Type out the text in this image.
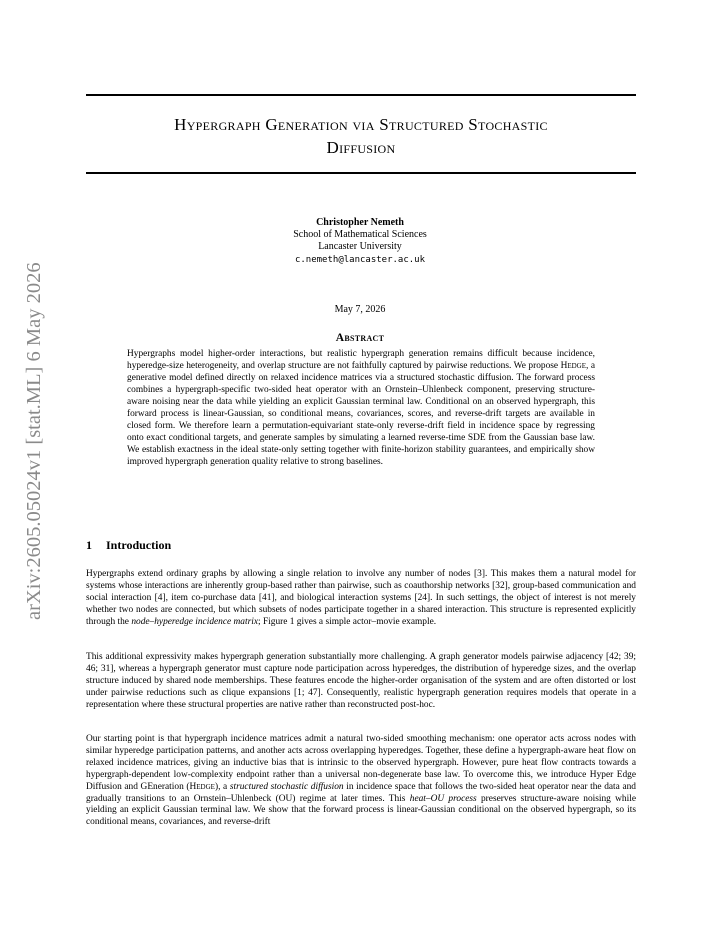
Hypergraph Generation via Structured Stochastic
Diffusion
arXiv:2605.05024v1 [stat.ML] 6 May 2026
Christopher Nemeth
School of Mathematical Sciences
Lancaster University
c.nemeth@lancaster.ac.uk
May 7, 2026
Abstract
Hypergraphs model higher-order interactions, but realistic hypergraph generation remains difficult because incidence, hyperedge-size heterogeneity, and overlap structure are not faithfully captured by pairwise reductions. We propose Hedge, a generative model defined directly on relaxed incidence matrices via a structured stochastic diffusion. The forward process combines a hypergraph-specific two-sided heat operator with an Ornstein–Uhlenbeck component, preserving structure-aware noising near the data while yielding an explicit Gaussian terminal law. Conditional on an observed hypergraph, this forward process is linear-Gaussian, so conditional means, covariances, scores, and reverse-drift targets are available in closed form. We therefore learn a permutation-equivariant state-only reverse-drift field in incidence space by regressing onto exact conditional targets, and generate samples by simulating a learned reverse-time SDE from the Gaussian base law. We establish exactness in the ideal state-only setting together with finite-horizon stability guarantees, and empirically show improved hypergraph generation quality relative to strong baselines.
1 Introduction
Hypergraphs extend ordinary graphs by allowing a single relation to involve any number of nodes [3]. This makes them a natural model for systems whose interactions are inherently group-based rather than pairwise, such as coauthorship networks [32], group-based communication and social interaction [4], item co-purchase data [41], and biological interaction systems [24]. In such settings, the object of interest is not merely whether two nodes are connected, but which subsets of nodes participate together in a shared interaction. This structure is represented explicitly through the node–hyperedge incidence matrix; Figure 1 gives a simple actor–movie example.
This additional expressivity makes hypergraph generation substantially more challenging. A graph generator models pairwise adjacency [42; 39; 46; 31], whereas a hypergraph generator must capture node participation across hyperedges, the distribution of hyperedge sizes, and the overlap structure induced by shared node memberships. These features encode the higher-order organisation of the system and are often distorted or lost under pairwise reductions such as clique expansions [1; 47]. Consequently, realistic hypergraph generation requires models that operate in a representation where these structural properties are native rather than reconstructed post-hoc.
Our starting point is that hypergraph incidence matrices admit a natural two-sided smoothing mechanism: one operator acts across nodes with similar hyperedge participation patterns, and another acts across overlapping hyperedges. Together, these define a hypergraph-aware heat flow on relaxed incidence matrices, giving an inductive bias that is intrinsic to the observed hypergraph. However, pure heat flow contracts towards a hypergraph-dependent low-complexity endpoint rather than a universal non-degenerate base law. To overcome this, we introduce Hyper Edge Diffusion and GEneration (Hedge), a structured stochastic diffusion in incidence space that follows the two-sided heat operator near the data and gradually transitions to an Ornstein–Uhlenbeck (OU) regime at later times. This heat–OU process preserves structure-aware noising while yielding an explicit Gaussian terminal law. We show that the forward process is linear-Gaussian conditional on the observed hypergraph, so its conditional means, covariances, and reverse-drift
